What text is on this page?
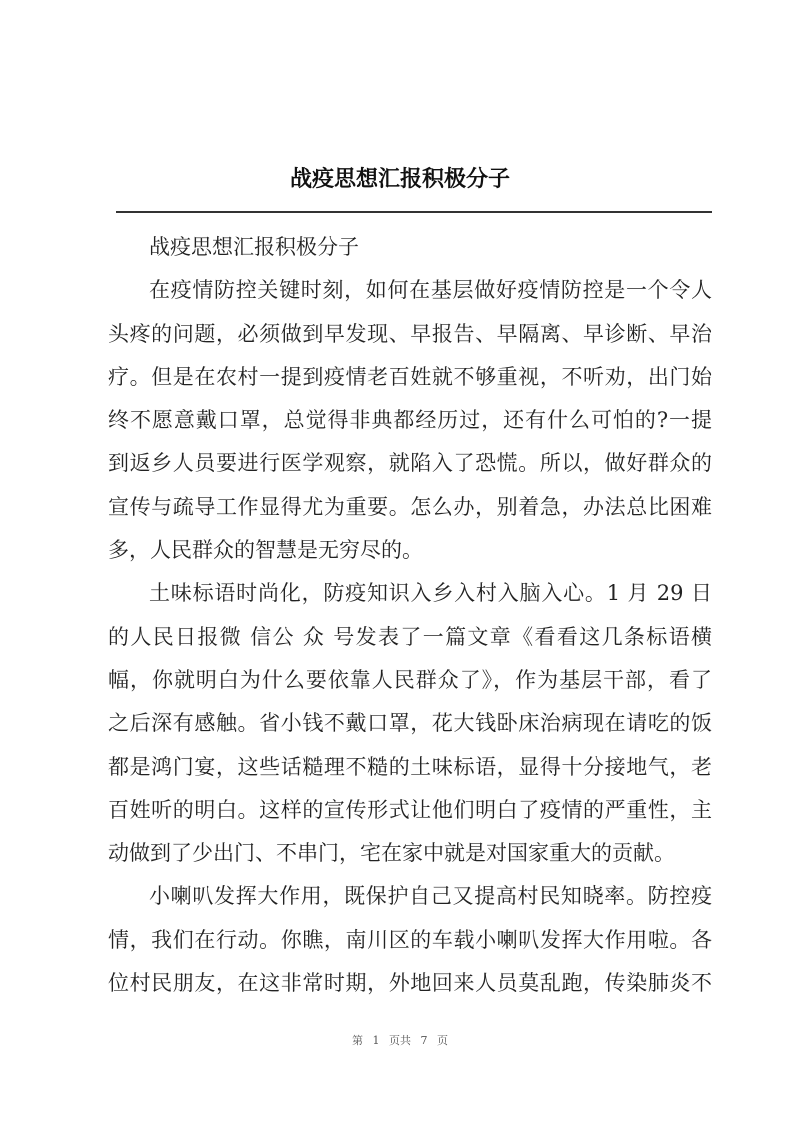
战疫思想汇报积极分子
战疫思想汇报积极分子
在疫情防控关键时刻，如何在基层做好疫情防控是一个令人
头疼的问题，必须做到早发现、早报告、早隔离、早诊断、早治
疗。但是在农村一提到疫情老百姓就不够重视，不听劝，出门始
终不愿意戴口罩，总觉得非典都经历过，还有什么可怕的?一提
到返乡人员要进行医学观察，就陷入了恐慌。所以，做好群众的
宣传与疏导工作显得尤为重要。怎么办，别着急，办法总比困难
多，人民群众的智慧是无穷尽的。
土味标语时尚化，防疫知识入乡入村入脑入心。1 月 29 日
的人民日报微 信公 众 号发表了一篇文章《看看这几条标语横
幅，你就明白为什么要依靠人民群众了》，作为基层干部，看了
之后深有感触。省小钱不戴口罩，花大钱卧床治病现在请吃的饭
都是鸿门宴，这些话糙理不糙的土味标语，显得十分接地气，老
百姓听的明白。这样的宣传形式让他们明白了疫情的严重性，主
动做到了少出门、不串门，宅在家中就是对国家重大的贡献。
小喇叭发挥大作用，既保护自己又提高村民知晓率。防控疫
情，我们在行动。你瞧，南川区的车载小喇叭发挥大作用啦。各
位村民朋友，在这非常时期，外地回来人员莫乱跑，传染肺炎不
第 1 页共 7 页
